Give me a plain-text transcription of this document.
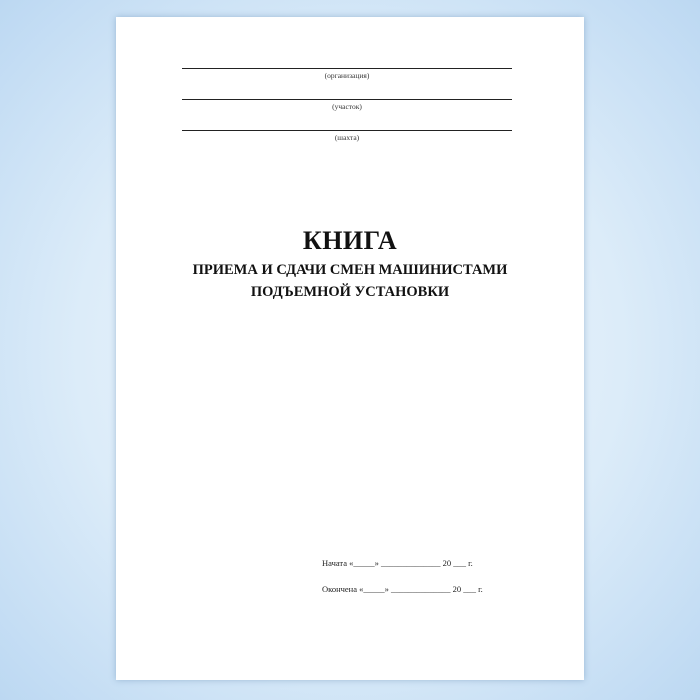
(организация)
(участок)
(шахта)
КНИГА
ПРИЕМА И СДАЧИ СМЕН МАШИНИСТАМИ
ПОДЪЕМНОЙ УСТАНОВКИ
Начата «_____» ______________ 20 ___ г.
Окончена «_____» ______________ 20 ___ г.
